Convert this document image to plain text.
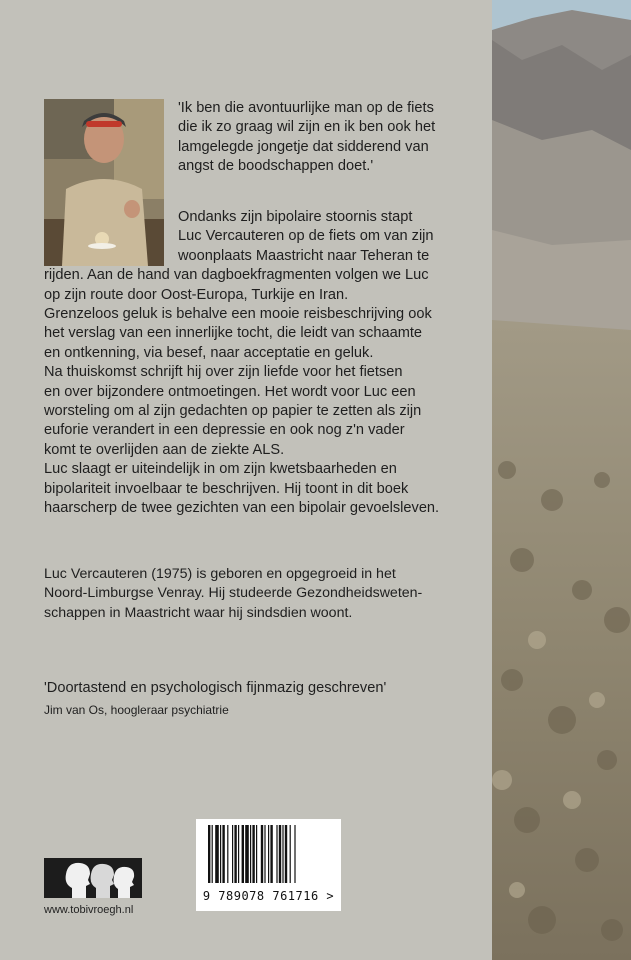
'Ik ben die avontuurlijke man op de fiets
die ik zo graag wil zijn en ik ben ook het
lamgelegde jongetje dat sidderend van
angst de boodschappen doet.'
Ondanks zijn bipolaire stoornis stapt
Luc Vercauteren op de fiets om van zijn
woonplaats Maastricht naar Teheran te
rijden. Aan de hand van dagboekfragmenten volgen we Luc
op zijn route door Oost-Europa, Turkije en Iran.
Grenzeloos geluk is behalve een mooie reisbeschrijving ook
het verslag van een innerlijke tocht, die leidt van schaamte
en ontkenning, via besef, naar acceptatie en geluk.
Na thuiskomst schrijft hij over zijn liefde voor het fietsen
en over bijzondere ontmoetingen. Het wordt voor Luc een
worsteling om al zijn gedachten op papier te zetten als zijn
euforie verandert in een depressie en ook nog z'n vader
komt te overlijden aan de ziekte ALS.
Luc slaagt er uiteindelijk in om zijn kwetsbaarheden en
bipolariteit invoelbaar te beschrijven. Hij toont in dit boek
haarscherp de twee gezichten van een bipolair gevoelsleven.
Luc Vercauteren (1975) is geboren en opgegroeid in het
Noord-Limburgse Venray. Hij studeerde Gezondheidsweten-
schappen in Maastricht waar hij sindsdien woont.
'Doortastend en psychologisch fijnmazig geschreven'
Jim van Os, hoogleraar psychiatrie
9 789078 761716 >
www.tobivroegh.nl
